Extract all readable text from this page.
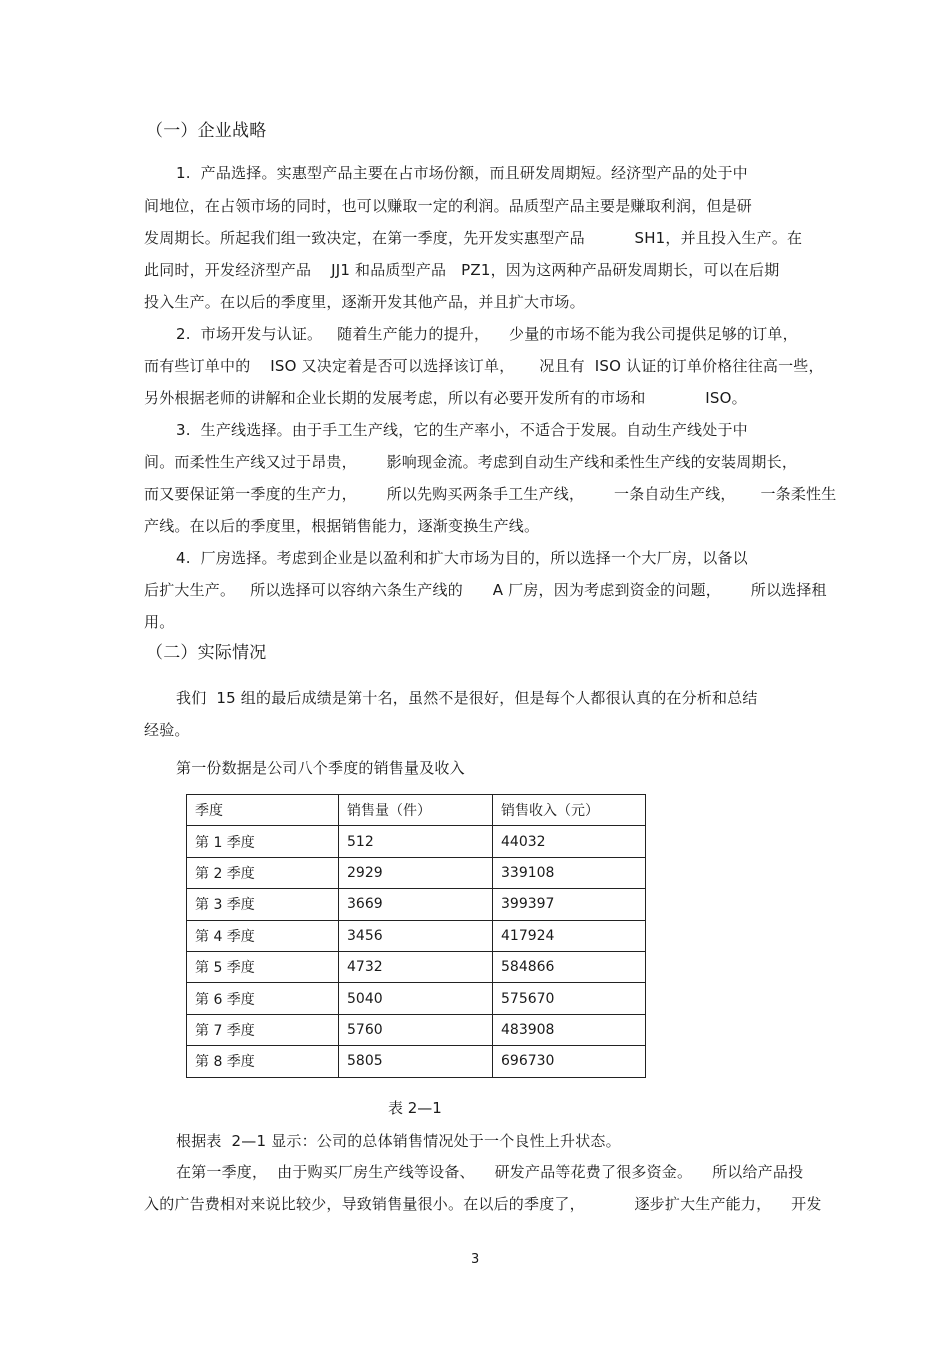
（一）企业战略
1.  产品选择。实惠型产品主要在占市场份额，而且研发周期短。经济型产品的处于中
间地位，在占领市场的同时，也可以赚取一定的利润。品质型产品主要是赚取利润，但是研
发周期长。所起我们组一致决定，在第一季度，先开发实惠型产品          SH1，并且投入生产。在
此同时，开发经济型产品    JJ1 和品质型产品   PZ1，因为这两种产品研发周期长，可以在后期
投入生产。在以后的季度里，逐渐开发其他产品，并且扩大市场。
2.  市场开发与认证。   随着生产能力的提升，    少量的市场不能为我公司提供足够的订单，
而有些订单中的    ISO 又决定着是否可以选择该订单，     况且有  ISO 认证的订单价格往往高一些，
另外根据老师的讲解和企业长期的发展考虑，所以有必要开发所有的市场和            ISO。
3.  生产线选择。由于手工生产线，它的生产率小，不适合于发展。自动生产线处于中
间。而柔性生产线又过于昂贵，      影响现金流。考虑到自动生产线和柔性生产线的安装周期长，
而又要保证第一季度的生产力，      所以先购买两条手工生产线，      一条自动生产线，     一条柔性生
产线。在以后的季度里，根据销售能力，逐渐变换生产线。
4.  厂房选择。考虑到企业是以盈利和扩大市场为目的，所以选择一个大厂房，以备以
后扩大生产。   所以选择可以容纳六条生产线的      A 厂房，因为考虑到资金的问题，      所以选择租
用。
（二）实际情况
我们  15 组的最后成绩是第十名，虽然不是很好，但是每个人都很认真的在分析和总结
经验。
第一份数据是公司八个季度的销售量及收入
季度	销售量（件）	销售收入（元）
第 1 季度	512	44032
第 2 季度	2929	339108
第 3 季度	3669	399397
第 4 季度	3456	417924
第 5 季度	4732	584866
第 6 季度	5040	575670
第 7 季度	5760	483908
第 8 季度	5805	696730
表 2—1
根据表  2—1 显示：公司的总体销售情况处于一个良性上升状态。
在第一季度，  由于购买厂房生产线等设备、    研发产品等花费了很多资金。    所以给产品投
入的广告费相对来说比较少，导致销售量很小。在以后的季度了，          逐步扩大生产能力，    开发
3
